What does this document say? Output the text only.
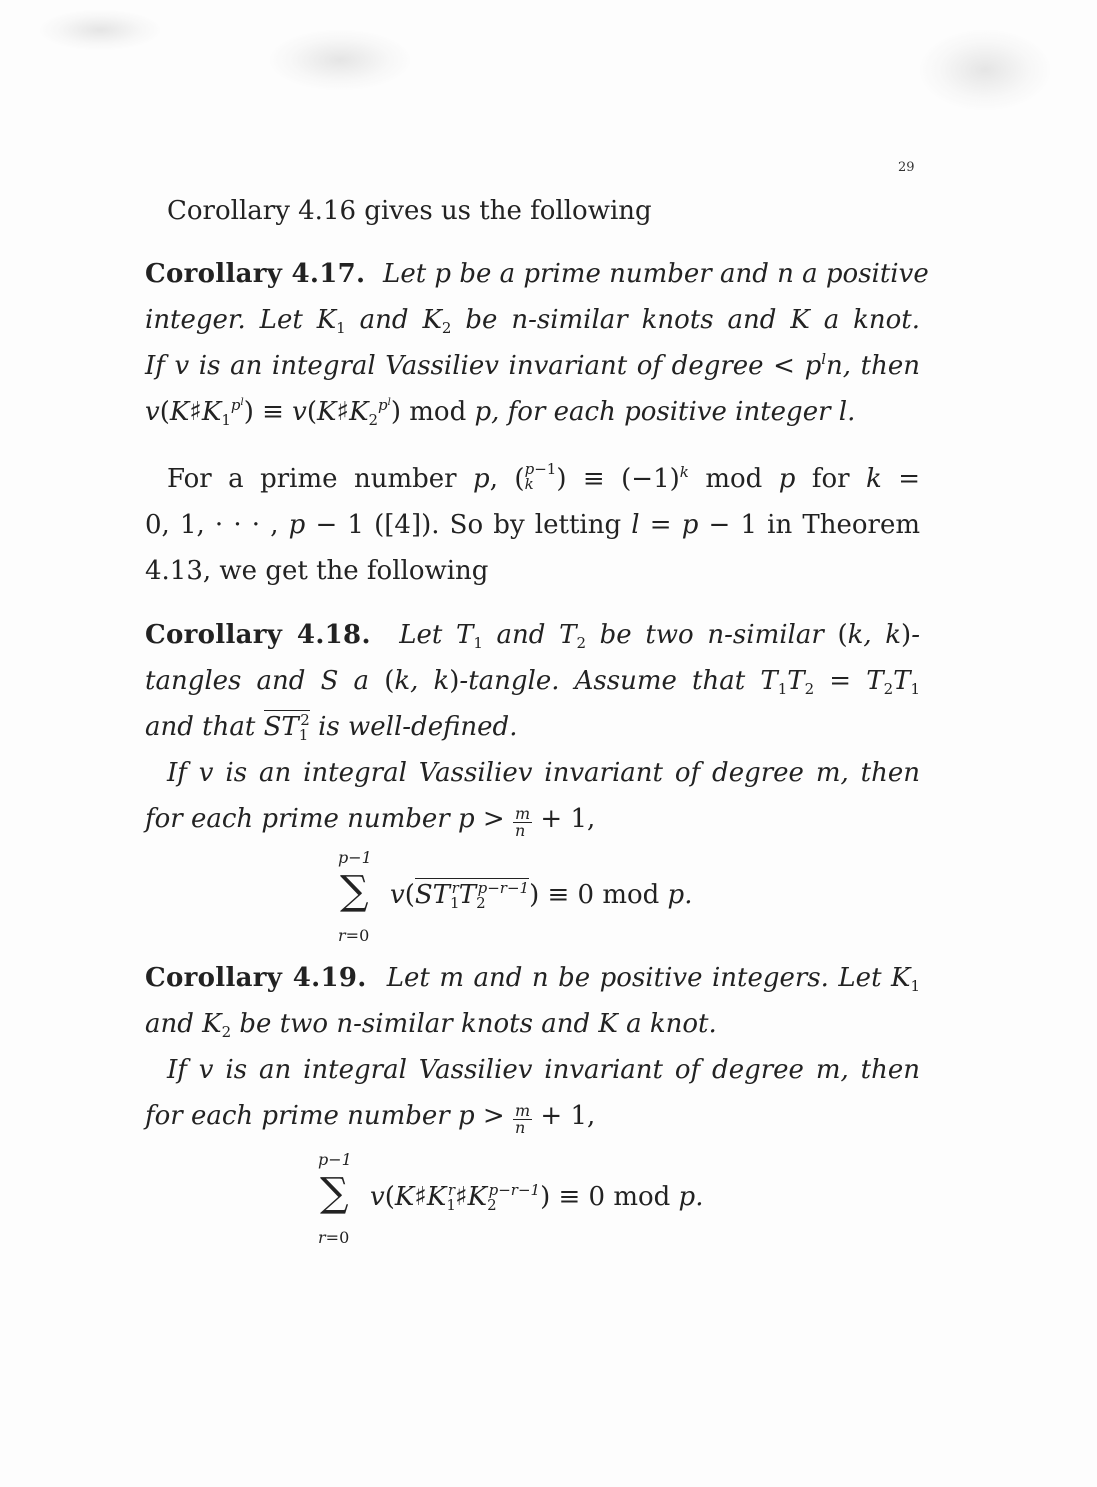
29
Corollary 4.16 gives us the following
Corollary 4.17. Let p be a prime number and n a positive
integer. Let $K_1$ and $K_2$ be n-similar knots and K a knot.
If v is an integral Vassiliev invariant of degree < $p^ln$, then
$v(K♯K_1^{p^l})$ ≡ $v(K♯K_2^{p^l})$ mod p, for each positive integer l.
For a prime number p, (p−1
k ) ≡ $(-1)^k$ mod p for k =
0, 1, · · · , p − 1 ([4]). So by letting l = p − 1 in Theorem
4.13, we get the following
Corollary 4.18. Let $T_1$ and $T_2$ be two n-similar (k, k)-
tangles and S a (k, k)-tangle. Assume that $T_1T_2 = T_2T_1$
and that $ST_1^2$ is well-defined.
If v is an integral Vassiliev invariant of degree m, then
for each prime number $p > \frac{m}{n} + 1$,
p−1
∑
r=0
$v(ST_1^rT_2^{p-r-1}) \equiv 0$ mod p.
Corollary 4.19. Let m and n be positive integers. Let $K_1$
and $K_2$ be two n-similar knots and K a knot.
If v is an integral Vassiliev invariant of degree m, then
for each prime number $p > \frac{m}{n} + 1$,
p−1
∑
r=0
$v(K♯K_1^r♯K_2^{p-r-1}) \equiv 0$ mod p.
